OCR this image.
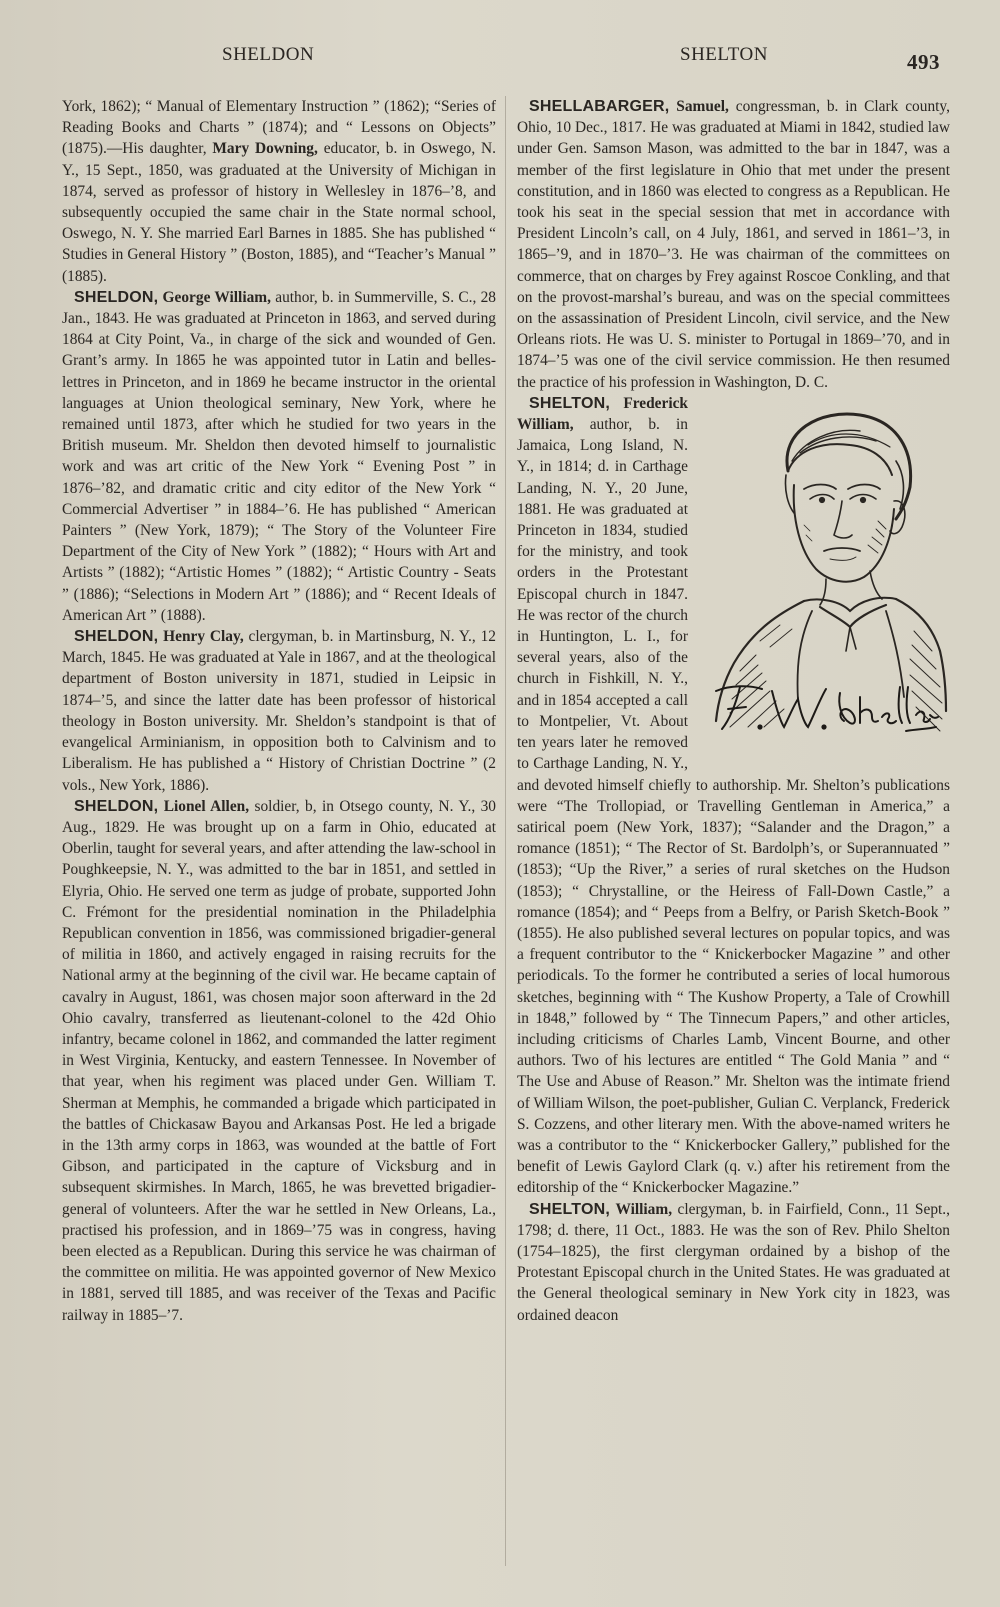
SHELDON	SHELTON	493

York, 1862); “ Manual of Elementary Instruction ” (1862); “Series of Reading Books and Charts ” (1874); and “ Lessons on Objects” (1875).—His daughter, Mary Downing, educator, b. in Oswego, N. Y., 15 Sept., 1850, was graduated at the University of Michigan in 1874, served as professor of history in Wellesley in 1876–’8, and subsequently occupied the same chair in the State normal school, Oswego, N. Y. She married Earl Barnes in 1885. She has published “ Studies in General History ” (Boston, 1885), and “Teacher’s Manual ” (1885).

SHELDON, George William, author, b. in Summerville, S. C., 28 Jan., 1843. He was graduated at Princeton in 1863, and served during 1864 at City Point, Va., in charge of the sick and wounded of Gen. Grant’s army. In 1865 he was appointed tutor in Latin and belles-lettres in Princeton, and in 1869 he became instructor in the oriental languages at Union theological seminary, New York, where he remained until 1873, after which he studied for two years in the British museum. Mr. Sheldon then devoted himself to journalistic work and was art critic of the New York “ Evening Post ” in 1876–’82, and dramatic critic and city editor of the New York “ Commercial Advertiser ” in 1884–’6. He has published “ American Painters ” (New York, 1879); “ The Story of the Volunteer Fire Department of the City of New York ” (1882); “ Hours with Art and Artists ” (1882); “Artistic Homes ” (1882); “ Artistic Country - Seats ” (1886); “Selections in Modern Art ” (1886); and “ Recent Ideals of American Art ” (1888).

SHELDON, Henry Clay, clergyman, b. in Martinsburg, N. Y., 12 March, 1845. He was graduated at Yale in 1867, and at the theological department of Boston university in 1871, studied in Leipsic in 1874–’5, and since the latter date has been professor of historical theology in Boston university. Mr. Sheldon’s standpoint is that of evangelical Arminianism, in opposition both to Calvinism and to Liberalism. He has published a “ History of Christian Doctrine ” (2 vols., New York, 1886).

SHELDON, Lionel Allen, soldier, b, in Otsego county, N. Y., 30 Aug., 1829. He was brought up on a farm in Ohio, educated at Oberlin, taught for several years, and after attending the law-school in Poughkeepsie, N. Y., was admitted to the bar in 1851, and settled in Elyria, Ohio. He served one term as judge of probate, supported John C. Frémont for the presidential nomination in the Philadelphia Republican convention in 1856, was commissioned brigadier-general of militia in 1860, and actively engaged in raising recruits for the National army at the beginning of the civil war. He became captain of cavalry in August, 1861, was chosen major soon afterward in the 2d Ohio cavalry, transferred as lieutenant-colonel to the 42d Ohio infantry, became colonel in 1862, and commanded the latter regiment in West Virginia, Kentucky, and eastern Tennessee. In November of that year, when his regiment was placed under Gen. William T. Sherman at Memphis, he commanded a brigade which participated in the battles of Chickasaw Bayou and Arkansas Post. He led a brigade in the 13th army corps in 1863, was wounded at the battle of Fort Gibson, and participated in the capture of Vicksburg and in subsequent skirmishes. In March, 1865, he was brevetted brigadier-general of volunteers. After the war he settled in New Orleans, La., practised his profession, and in 1869–’75 was in congress, having been elected as a Republican. During this service he was chairman of the committee on militia. He was appointed governor of New Mexico in 1881, served till 1885, and was receiver of the Texas and Pacific railway in 1885–’7.

SHELLABARGER, Samuel, congressman, b. in Clark county, Ohio, 10 Dec., 1817. He was graduated at Miami in 1842, studied law under Gen. Samson Mason, was admitted to the bar in 1847, was a member of the first legislature in Ohio that met under the present constitution, and in 1860 was elected to congress as a Republican. He took his seat in the special session that met in accordance with President Lincoln’s call, on 4 July, 1861, and served in 1861–’3, in 1865–’9, and in 1870–’3. He was chairman of the committees on commerce, that on charges by Frey against Roscoe Conkling, and that on the provost-marshal’s bureau, and was on the special committees on the assassination of President Lincoln, civil service, and the New Orleans riots. He was U. S. minister to Portugal in 1869–’70, and in 1874–’5 was one of the civil service commission. He then resumed the practice of his profession in Washington, D. C.

SHELTON, Frederick William, author, b. in Jamaica, Long Island, N. Y., in 1814; d. in Carthage Landing, N. Y., 20 June, 1881. He was graduated at Princeton in 1834, studied for the ministry, and took orders in the Protestant Episcopal church in 1847. He was rector of the church in Huntington, L. I., for several years, also of the church in Fishkill, N. Y., and in 1854 accepted a call to Montpelier, Vt. About ten years later he removed to Carthage Landing, N. Y., and devoted himself chiefly to authorship. Mr. Shelton’s publications were “The Trollopiad, or Travelling Gentleman in America,” a satirical poem (New York, 1837); “Salander and the Dragon,” a romance (1851); “ The Rector of St. Bardolph’s, or Superannuated ” (1853); “Up the River,” a series of rural sketches on the Hudson (1853); “ Chrystalline, or the Heiress of Fall-Down Castle,” a romance (1854); and “ Peeps from a Belfry, or Parish Sketch-Book ” (1855). He also published several lectures on popular topics, and was a frequent contributor to the “ Knickerbocker Magazine ” and other periodicals. To the former he contributed a series of local humorous sketches, beginning with “ The Kushow Property, a Tale of Crowhill in 1848,” followed by “ The Tinnecum Papers,” and other articles, including criticisms of Charles Lamb, Vincent Bourne, and other authors. Two of his lectures are entitled “ The Gold Mania ” and “ The Use and Abuse of Reason.” Mr. Shelton was the intimate friend of William Wilson, the poet-publisher, Gulian C. Verplanck, Frederick S. Cozzens, and other literary men. With the above-named writers he was a contributor to the “ Knickerbocker Gallery,” published for the benefit of Lewis Gaylord Clark (q. v.) after his retirement from the editorship of the “ Knickerbocker Magazine.”

SHELTON, William, clergyman, b. in Fairfield, Conn., 11 Sept., 1798; d. there, 11 Oct., 1883. He was the son of Rev. Philo Shelton (1754–1825), the first clergyman ordained by a bishop of the Protestant Episcopal church in the United States. He was graduated at the General theological seminary in New York city in 1823, was ordained deacon
